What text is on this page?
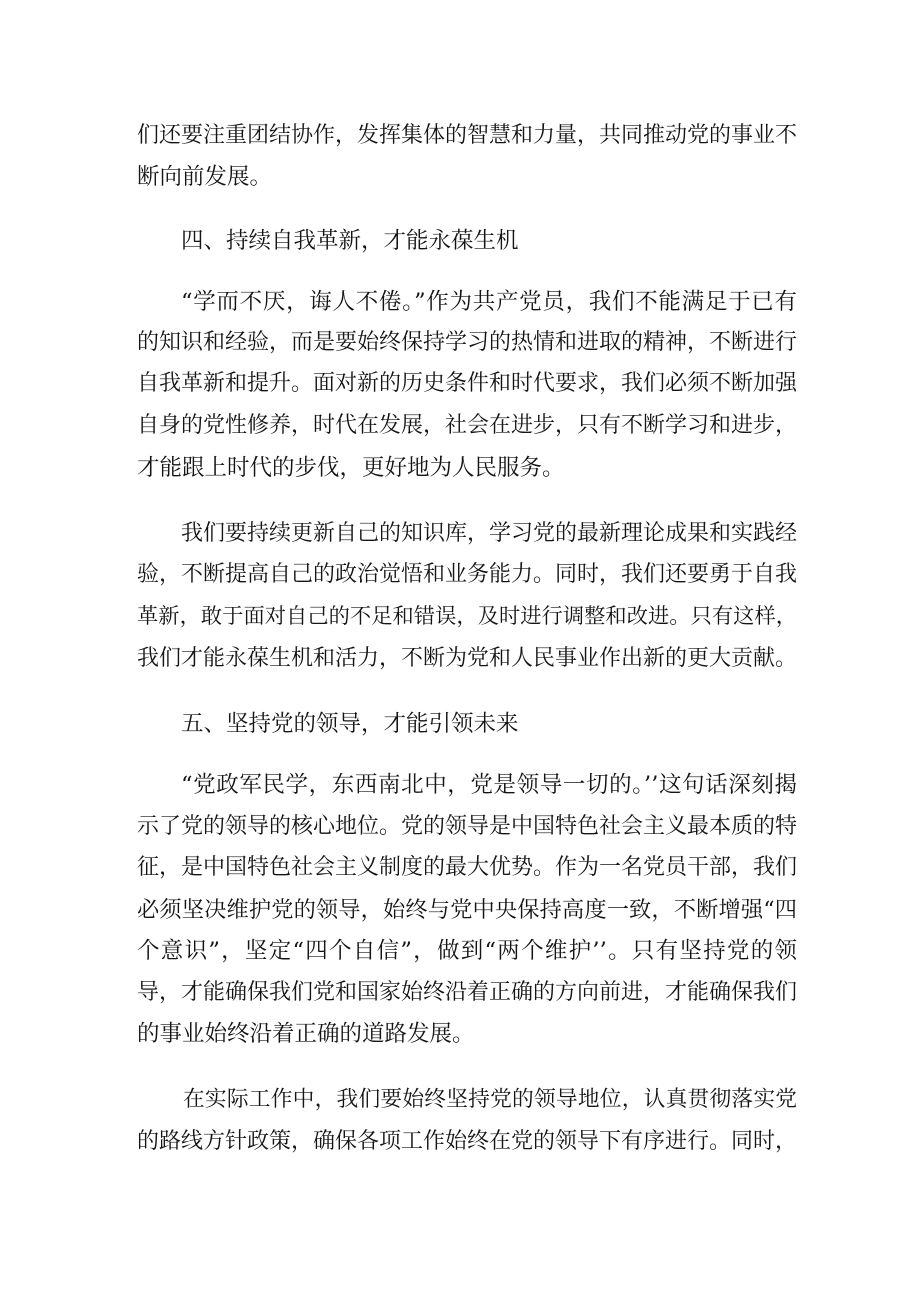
们还要注重团结协作，发挥集体的智慧和力量，共同推动党的事业不
断向前发展。
四、持续自我革新，才能永葆生机
“学而不厌，诲人不倦。”作为共产党员，我们不能满足于已有
的知识和经验，而是要始终保持学习的热情和进取的精神，不断进行
自我革新和提升。面对新的历史条件和时代要求，我们必须不断加强
自身的党性修养，时代在发展，社会在进步，只有不断学习和进步，
才能跟上时代的步伐，更好地为人民服务。
我们要持续更新自己的知识库，学习党的最新理论成果和实践经
验，不断提高自己的政治觉悟和业务能力。同时，我们还要勇于自我
革新，敢于面对自己的不足和错误，及时进行调整和改进。只有这样，
我们才能永葆生机和活力，不断为党和人民事业作出新的更大贡献。
五、坚持党的领导，才能引领未来
“党政军民学，东西南北中，党是领导一切的。’’这句话深刻揭
示了党的领导的核心地位。党的领导是中国特色社会主义最本质的特
征，是中国特色社会主义制度的最大优势。作为一名党员干部，我们
必须坚决维护党的领导，始终与党中央保持高度一致，不断增强“四
个意识”，坚定“四个自信”，做到“两个维护’’。只有坚持党的领
导，才能确保我们党和国家始终沿着正确的方向前进，才能确保我们
的事业始终沿着正确的道路发展。
在实际工作中，我们要始终坚持党的领导地位，认真贯彻落实党
的路线方针政策，确保各项工作始终在党的领导下有序进行。同时，
